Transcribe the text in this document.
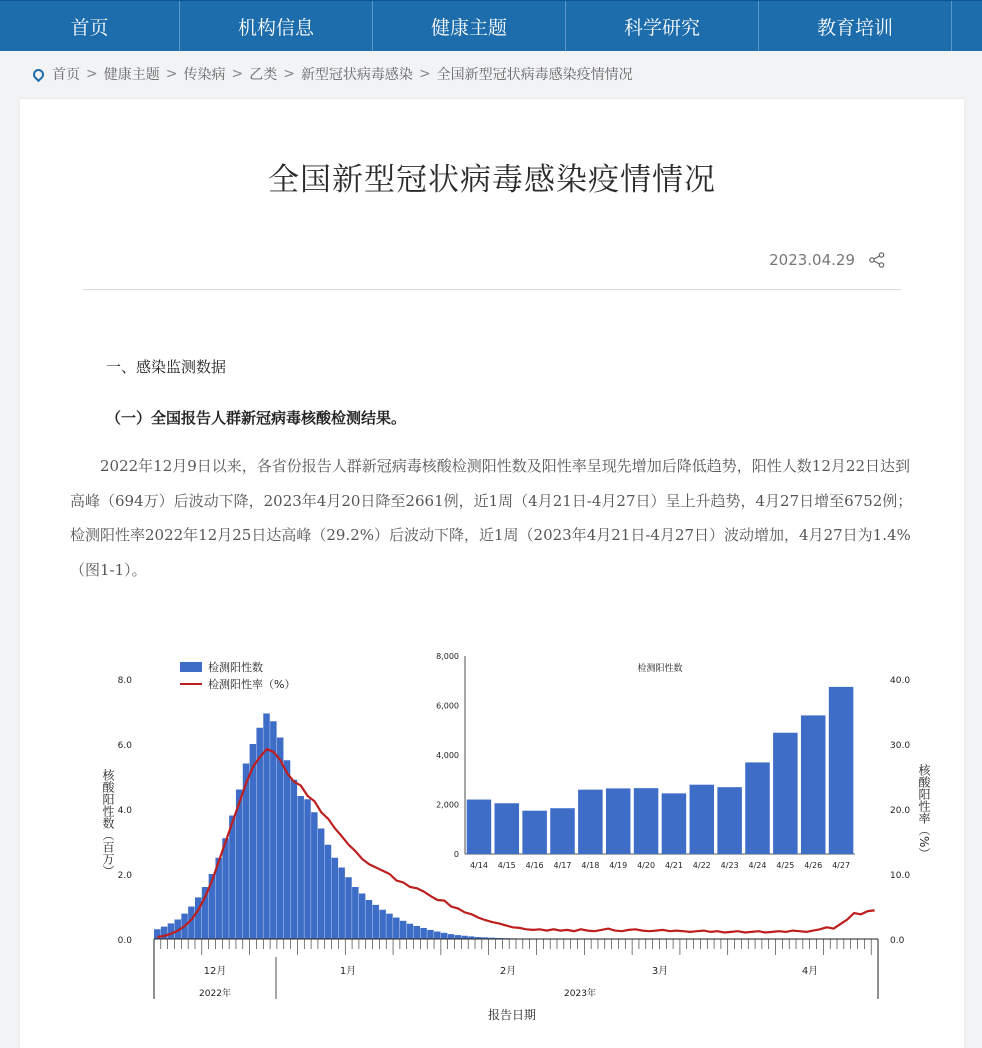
首页	机构信息	健康主题	科学研究	教育培训
首页 > 健康主题 > 传染病 > 乙类 > 新型冠状病毒感染 > 全国新型冠状病毒感染疫情情况
全国新型冠状病毒感染疫情情况
2023.04.29
一、感染监测数据
（一）全国报告人群新冠病毒核酸检测结果。
2022年12月9日以来，各省份报告人群新冠病毒核酸检测阳性数及阳性率呈现先增加后降低趋势，阳性人数12月22日达到高峰（694万）后波动下降，2023年4月20日降至2661例，近1周（4月21日-4月27日）呈上升趋势，4月27日增至6752例；检测阳性率2022年12月25日达高峰（29.2%）后波动下降，近1周（2023年4月21日-4月27日）波动增加，4月27日为1.4%（图1-1）。
0.0
2.0
4.0
6.0
8.0
0.0
10.0
20.0
30.0
40.0
核酸阳性数（百万）	核酸阳性率（%）
12月	1月	2月	3月	4月
2022年	2023年
报告日期
检测阳性数
检测阳性率（%）
0
2,000
4,000
6,000
8,000
检测阳性数
4/14 4/15 4/16 4/17 4/18 4/19 4/20 4/21 4/22 4/23 4/24 4/25 4/26 4/27
